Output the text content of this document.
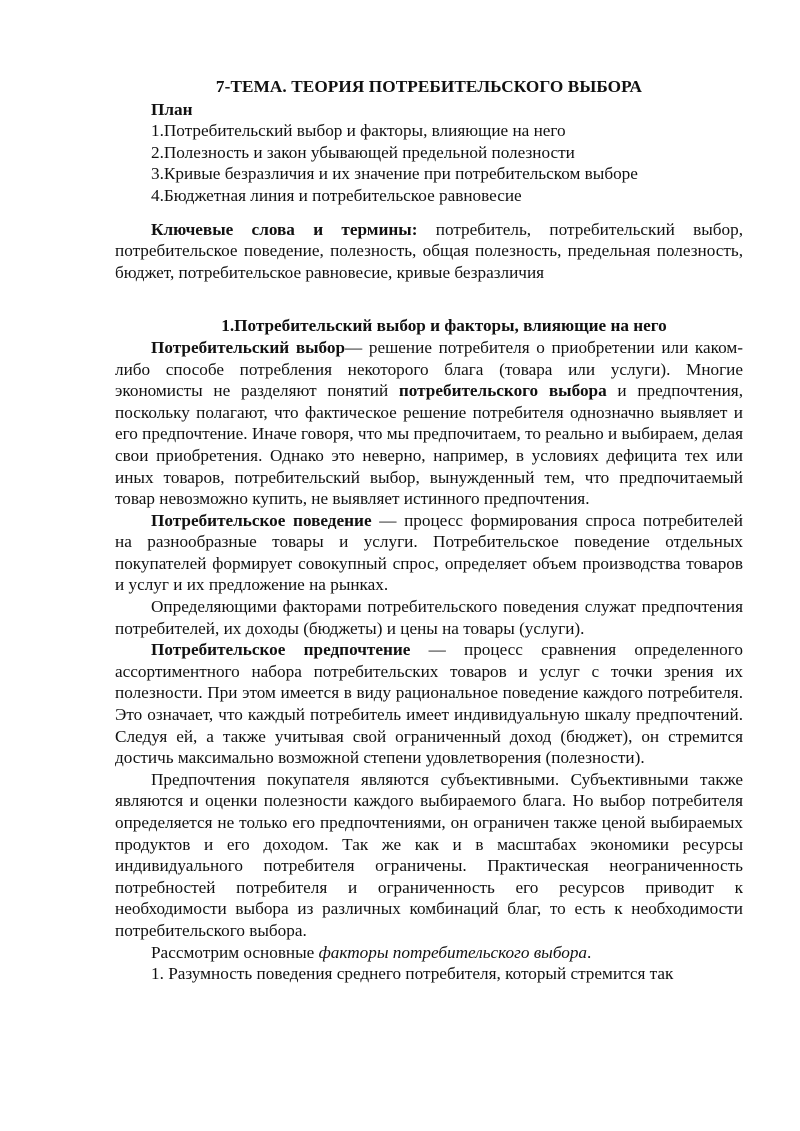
7-ТЕМА. ТЕОРИЯ ПОТРЕБИТЕЛЬСКОГО ВЫБОРА
План
1.Потребительский выбор и факторы, влияющие на него
2.Полезность и закон убывающей предельной полезности
3.Кривые безразличия и их значение при потребительском выборе
4.Бюджетная линия и потребительское равновесие

Ключевые слова и термины: потребитель, потребительский выбор, потребительское поведение, полезность, общая полезность, предельная полезность, бюджет, потребительское равновесие, кривые безразличия

1.Потребительский выбор и факторы, влияющие на него

Потребительский выбор— решение потребителя о приобретении или каком-либо способе потребления некоторого блага (товара или услуги). Многие экономисты не разделяют понятий потребительского выбора и предпочтения, поскольку полагают, что фактическое решение потребителя однозначно выявляет и его предпочтение. Иначе говоря, что мы предпочитаем, то реально и выбираем, делая свои приобретения. Однако это неверно, например, в условиях дефицита тех или иных товаров, потребительский выбор, вынужденный тем, что предпочитаемый товар невозможно купить, не выявляет истинного предпочтения.

Потребительское поведение — процесс формирования спроса потребителей на разнообразные товары и услуги. Потребительское поведение отдельных покупателей формирует совокупный спрос, определяет объем производства товаров и услуг и их предложение на рынках.

Определяющими факторами потребительского поведения служат предпочтения потребителей, их доходы (бюджеты) и цены на товары (услуги).

Потребительское предпочтение — процесс сравнения определенного ассортиментного набора потребительских товаров и услуг с точки зрения их полезности. При этом имеется в виду рациональное поведение каждого потребителя. Это означает, что каждый потребитель имеет индивидуальную шкалу предпочтений. Следуя ей, а также учитывая свой ограниченный доход (бюджет), он стремится достичь максимально возможной степени удовлетворения (полезности).

Предпочтения покупателя являются субъективными. Субъективными также являются и оценки полезности каждого выбираемого блага. Но выбор потребителя определяется не только его предпочтениями, он ограничен также ценой выбираемых продуктов и его доходом. Так же как и в масштабах экономики ресурсы индивидуального потребителя ограничены. Практическая неограниченность потребностей потребителя и ограниченность его ресурсов приводит к необходимости выбора из различных комбинаций благ, то есть к необходимости потребительского выбора.

Рассмотрим основные факторы потребительского выбора.

1. Разумность поведения среднего потребителя, который стремится так
